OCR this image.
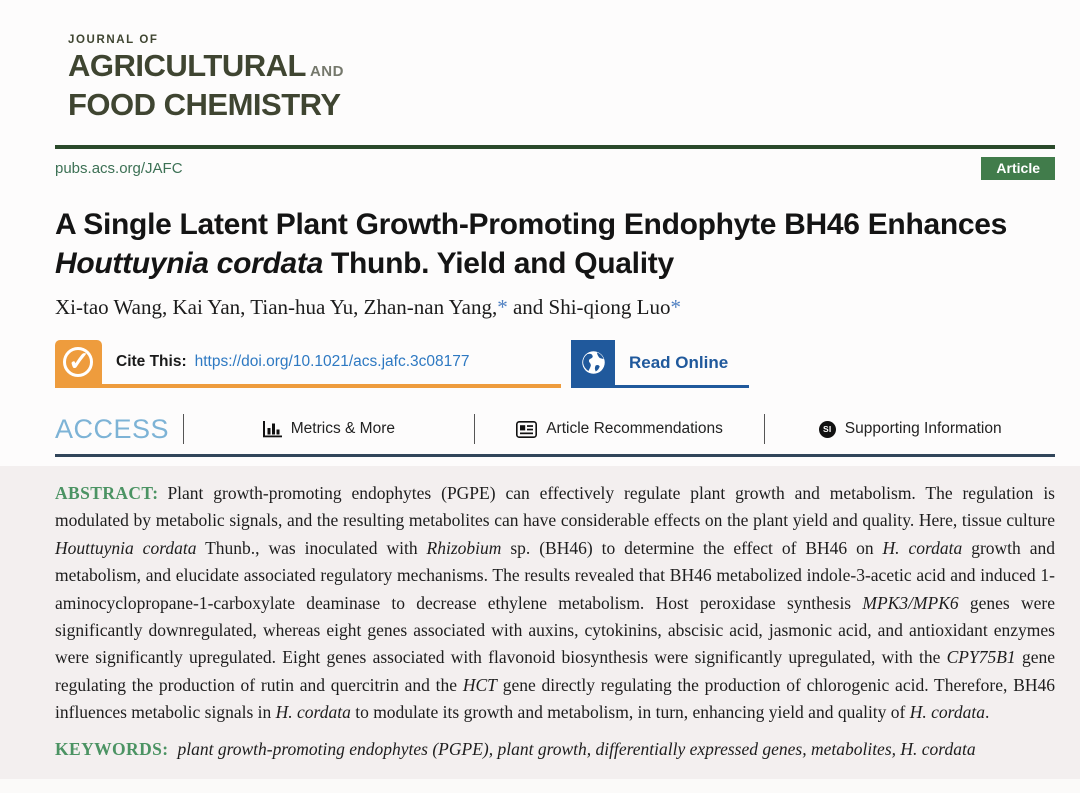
JOURNAL OF
AGRICULTURAL AND
FOOD CHEMISTRY
pubs.acs.org/JAFC	Article
A Single Latent Plant Growth-Promoting Endophyte BH46 Enhances
Houttuynia cordata Thunb. Yield and Quality

Xi-tao Wang, Kai Yan, Tian-hua Yu, Zhan-nan Yang,* and Shi-qiong Luo*

✓ Cite This: https://doi.org/10.1021/acs.jafc.3c08177	Read Online
ACCESS	Metrics & More	Article Recommendations	SI Supporting Information

ABSTRACT: Plant growth-promoting endophytes (PGPE) can effectively regulate plant growth and metabolism. The regulation is modulated by metabolic signals, and the resulting metabolites can have considerable effects on the plant yield and quality. Here, tissue culture Houttuynia cordata Thunb., was inoculated with Rhizobium sp. (BH46) to determine the effect of BH46 on H. cordata growth and metabolism, and elucidate associated regulatory mechanisms. The results revealed that BH46 metabolized indole-3-acetic acid and induced 1-aminocyclopropane-1-carboxylate deaminase to decrease ethylene metabolism. Host peroxidase synthesis MPK3/MPK6 genes were significantly downregulated, whereas eight genes associated with auxins, cytokinins, abscisic acid, jasmonic acid, and antioxidant enzymes were significantly upregulated. Eight genes associated with flavonoid biosynthesis were significantly upregulated, with the CPY75B1 gene regulating the production of rutin and quercitrin and the HCT gene directly regulating the production of chlorogenic acid. Therefore, BH46 influences metabolic signals in H. cordata to modulate its growth and metabolism, in turn, enhancing yield and quality of H. cordata.

KEYWORDS: plant growth-promoting endophytes (PGPE), plant growth, differentially expressed genes, metabolites, H. cordata
